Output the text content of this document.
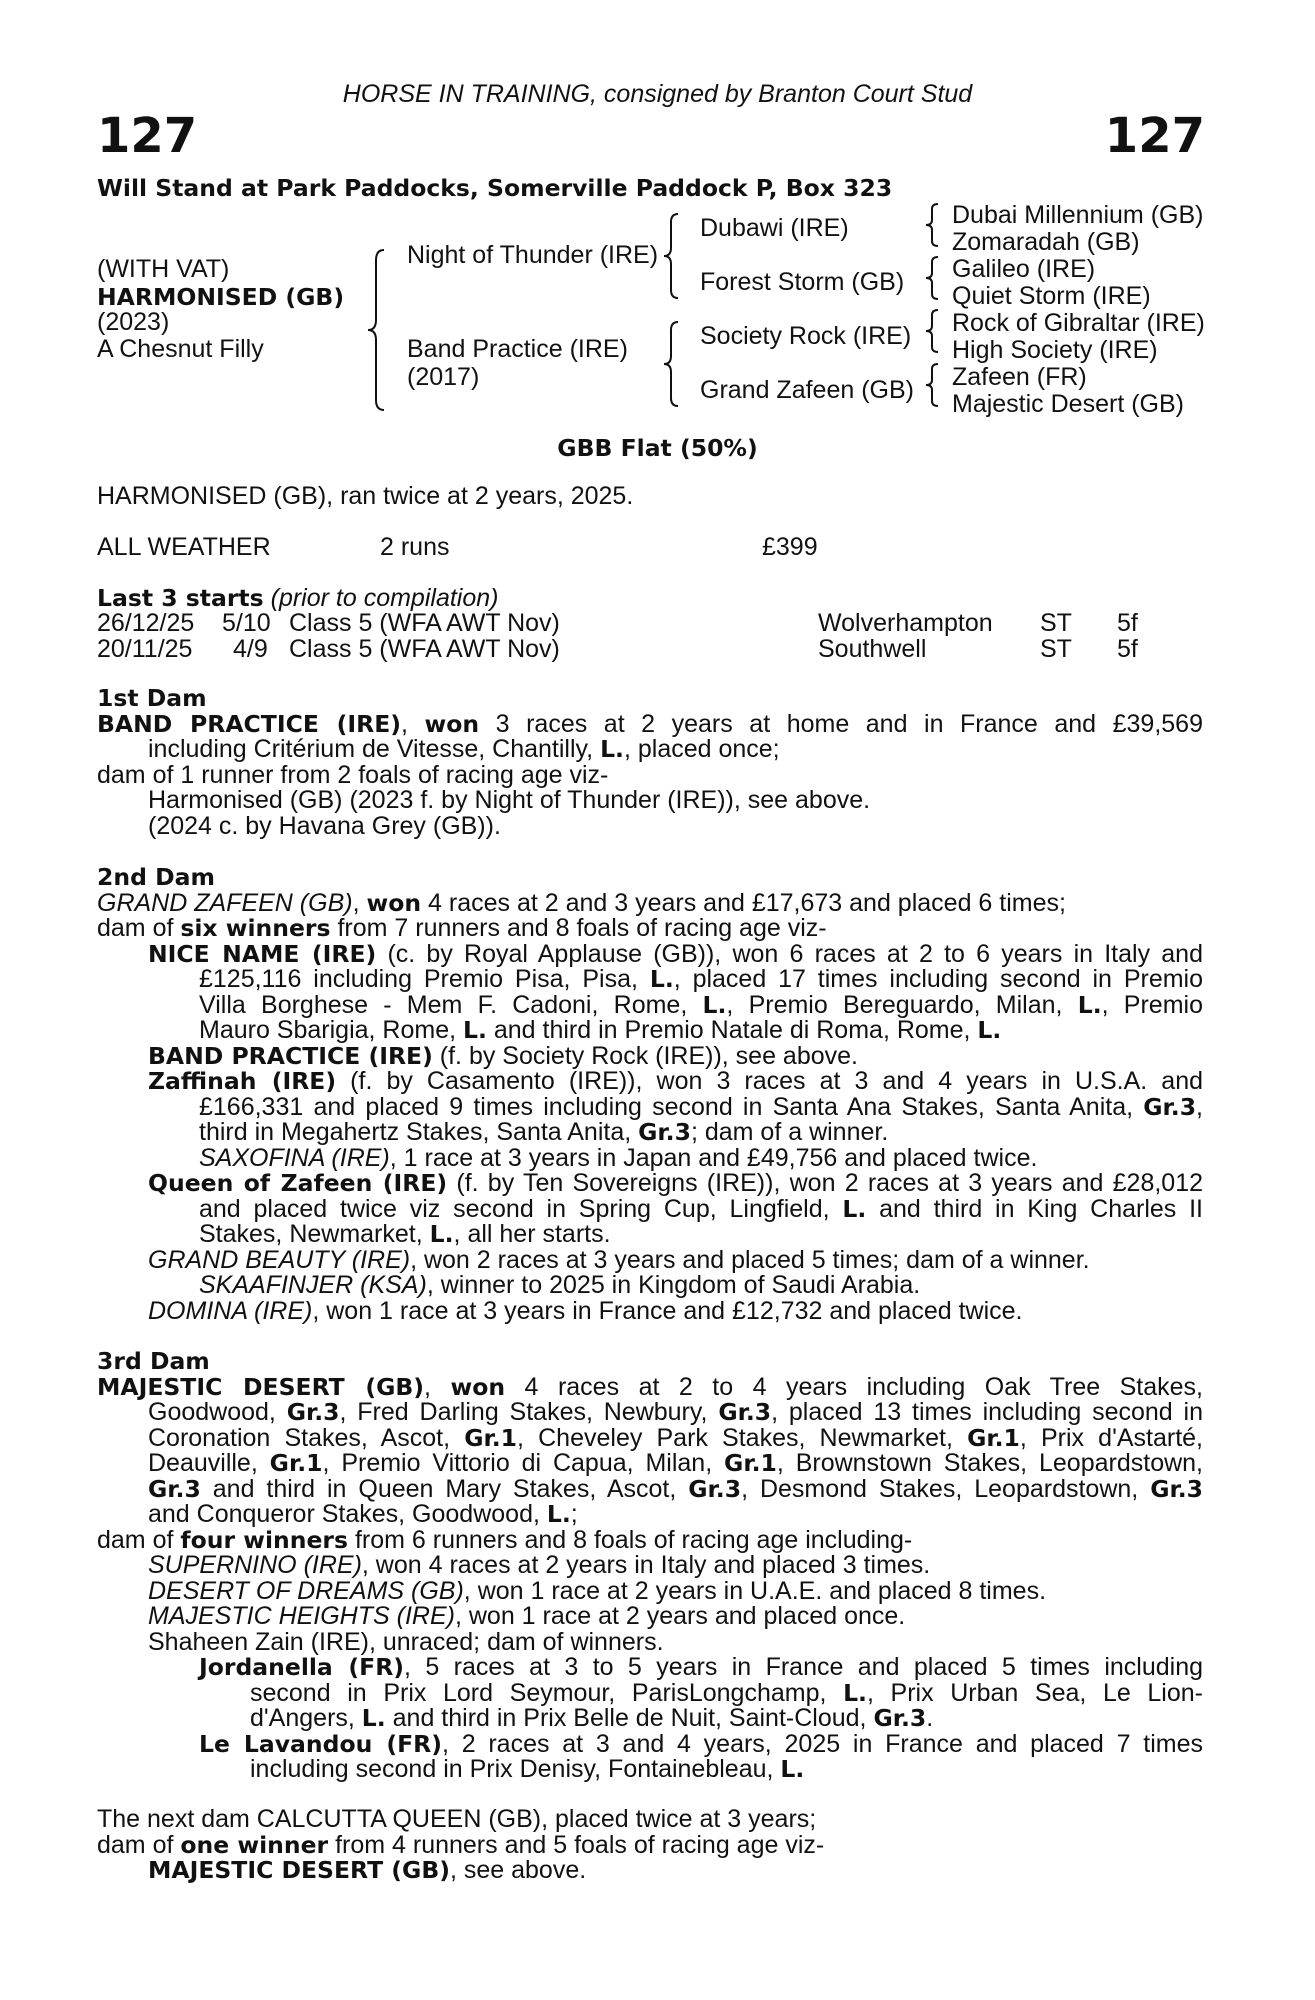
HORSE IN TRAINING, consigned by Branton Court Stud
127	127
Will Stand at Park Paddocks, Somerville Paddock P, Box 323
(WITH VAT)
HARMONISED (GB)
(2023)
A Chesnut Filly
Night of Thunder (IRE)
Band Practice (IRE)
(2017)
Dubawi (IRE)
Forest Storm (GB)
Society Rock (IRE)
Grand Zafeen (GB)
Dubai Millennium (GB)
Zomaradah (GB)
Galileo (IRE)
Quiet Storm (IRE)
Rock of Gibraltar (IRE)
High Society (IRE)
Zafeen (FR)
Majestic Desert (GB)
GBB Flat (50%)
HARMONISED (GB), ran twice at 2 years, 2025.
ALL WEATHER	2 runs	£399
Last 3 starts (prior to compilation)
26/12/25 5/10 Class 5 (WFA AWT Nov)	Wolverhampton ST 5f
20/11/25 4/9 Class 5 (WFA AWT Nov)	Southwell	ST 5f
1st Dam
BAND PRACTICE (IRE), won 3 races at 2 years at home and in France and £39,569
including Critérium de Vitesse, Chantilly, L., placed once;
dam of 1 runner from 2 foals of racing age viz-
Harmonised (GB) (2023 f. by Night of Thunder (IRE)), see above.
(2024 c. by Havana Grey (GB)).
2nd Dam
GRAND ZAFEEN (GB), won 4 races at 2 and 3 years and £17,673 and placed 6 times;
dam of six winners from 7 runners and 8 foals of racing age viz-
NICE NAME (IRE) (c. by Royal Applause (GB)), won 6 races at 2 to 6 years in Italy and
£125,116 including Premio Pisa, Pisa, L., placed 17 times including second in Premio
Villa Borghese - Mem F. Cadoni, Rome, L., Premio Bereguardo, Milan, L., Premio
Mauro Sbarigia, Rome, L. and third in Premio Natale di Roma, Rome, L.
BAND PRACTICE (IRE) (f. by Society Rock (IRE)), see above.
Zaffinah (IRE) (f. by Casamento (IRE)), won 3 races at 3 and 4 years in U.S.A. and
£166,331 and placed 9 times including second in Santa Ana Stakes, Santa Anita, Gr.3,
third in Megahertz Stakes, Santa Anita, Gr.3; dam of a winner.
SAXOFINA (IRE), 1 race at 3 years in Japan and £49,756 and placed twice.
Queen of Zafeen (IRE) (f. by Ten Sovereigns (IRE)), won 2 races at 3 years and £28,012
and placed twice viz second in Spring Cup, Lingfield, L. and third in King Charles II
Stakes, Newmarket, L., all her starts.
GRAND BEAUTY (IRE), won 2 races at 3 years and placed 5 times; dam of a winner.
SKAAFINJER (KSA), winner to 2025 in Kingdom of Saudi Arabia.
DOMINA (IRE), won 1 race at 3 years in France and £12,732 and placed twice.
3rd Dam
MAJESTIC DESERT (GB), won 4 races at 2 to 4 years including Oak Tree Stakes,
Goodwood, Gr.3, Fred Darling Stakes, Newbury, Gr.3, placed 13 times including second in
Coronation Stakes, Ascot, Gr.1, Cheveley Park Stakes, Newmarket, Gr.1, Prix d'Astarté,
Deauville, Gr.1, Premio Vittorio di Capua, Milan, Gr.1, Brownstown Stakes, Leopardstown,
Gr.3 and third in Queen Mary Stakes, Ascot, Gr.3, Desmond Stakes, Leopardstown, Gr.3
and Conqueror Stakes, Goodwood, L.;
dam of four winners from 6 runners and 8 foals of racing age including-
SUPERNINO (IRE), won 4 races at 2 years in Italy and placed 3 times.
DESERT OF DREAMS (GB), won 1 race at 2 years in U.A.E. and placed 8 times.
MAJESTIC HEIGHTS (IRE), won 1 race at 2 years and placed once.
Shaheen Zain (IRE), unraced; dam of winners.
Jordanella (FR), 5 races at 3 to 5 years in France and placed 5 times including
second in Prix Lord Seymour, ParisLongchamp, L., Prix Urban Sea, Le Lion-
d'Angers, L. and third in Prix Belle de Nuit, Saint-Cloud, Gr.3.
Le Lavandou (FR), 2 races at 3 and 4 years, 2025 in France and placed 7 times
including second in Prix Denisy, Fontainebleau, L.
The next dam CALCUTTA QUEEN (GB), placed twice at 3 years;
dam of one winner from 4 runners and 5 foals of racing age viz-
MAJESTIC DESERT (GB), see above.
